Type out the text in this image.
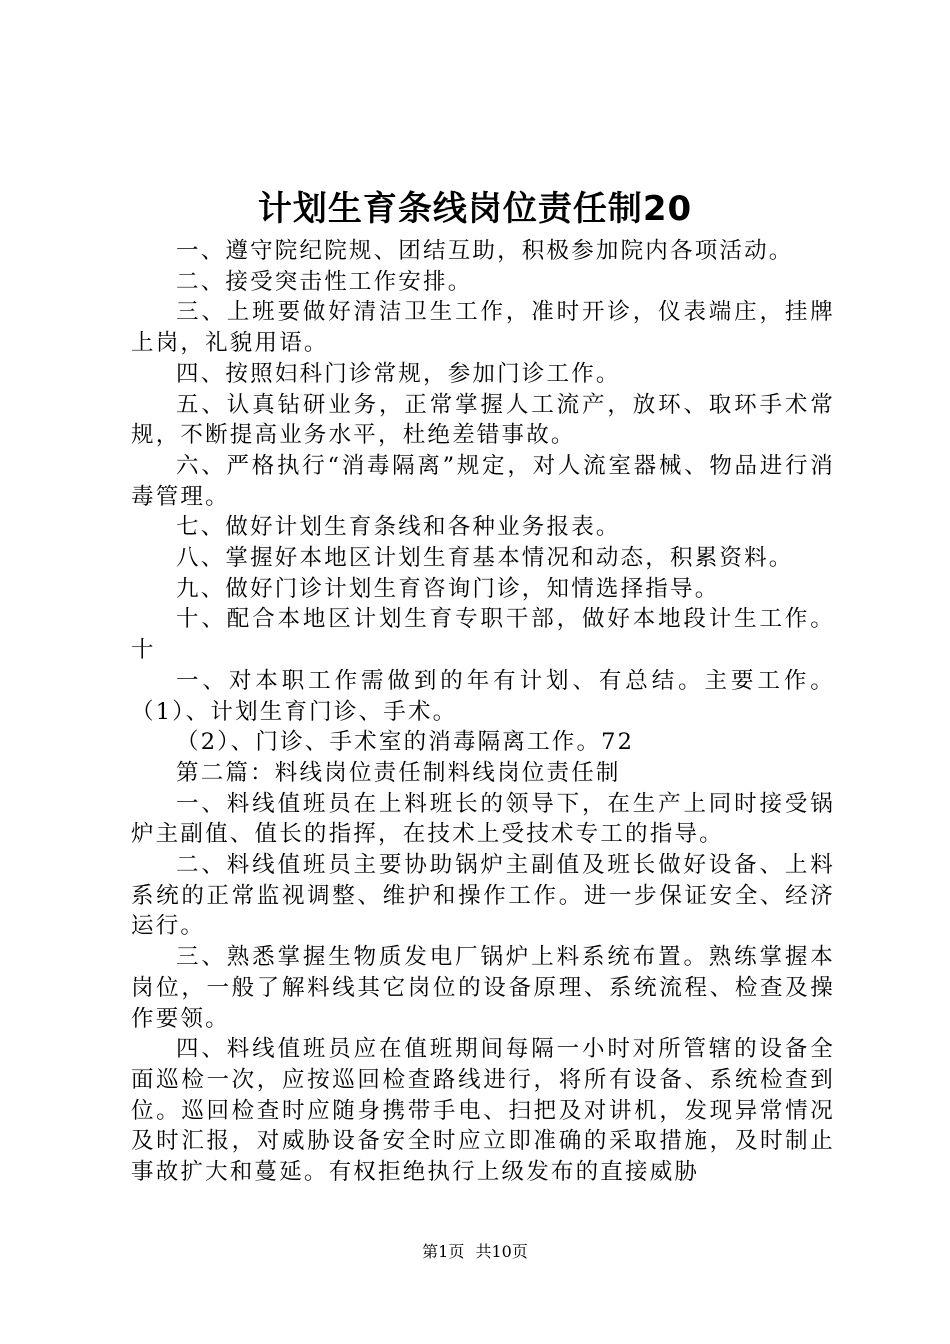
计划生育条线岗位责任制20

一、遵守院纪院规、团结互助，积极参加院内各项活动。

二、接受突击性工作安排。

三、上班要做好清洁卫生工作，准时开诊，仪表端庄，挂牌上岗，礼貌用语。

四、按照妇科门诊常规，参加门诊工作。

五、认真钻研业务，正常掌握人工流产，放环、取环手术常规，不断提高业务水平，杜绝差错事故。

六、严格执行“消毒隔离”规定，对人流室器械、物品进行消毒管理。

七、做好计划生育条线和各种业务报表。

八、掌握好本地区计划生育基本情况和动态，积累资料。

九、做好门诊计划生育咨询门诊，知情选择指导。

十、配合本地区计划生育专职干部，做好本地段计生工作。十

一、对本职工作需做到的年有计划、有总结。主要工作。（1）、计划生育门诊、手术。

（2）、门诊、手术室的消毒隔离工作。72

第二篇：料线岗位责任制料线岗位责任制

一、料线值班员在上料班长的领导下，在生产上同时接受锅炉主副值、值长的指挥，在技术上受技术专工的指导。

二、料线值班员主要协助锅炉主副值及班长做好设备、上料系统的正常监视调整、维护和操作工作。进一步保证安全、经济运行。

三、熟悉掌握生物质发电厂锅炉上料系统布置。熟练掌握本岗位，一般了解料线其它岗位的设备原理、系统流程、检查及操作要领。

四、料线值班员应在值班期间每隔一小时对所管辖的设备全面巡检一次，应按巡回检查路线进行，将所有设备、系统检查到位。巡回检查时应随身携带手电、扫把及对讲机，发现异常情况及时汇报，对威胁设备安全时应立即准确的采取措施，及时制止事故扩大和蔓延。有权拒绝执行上级发布的直接威胁

第1页 共10页
